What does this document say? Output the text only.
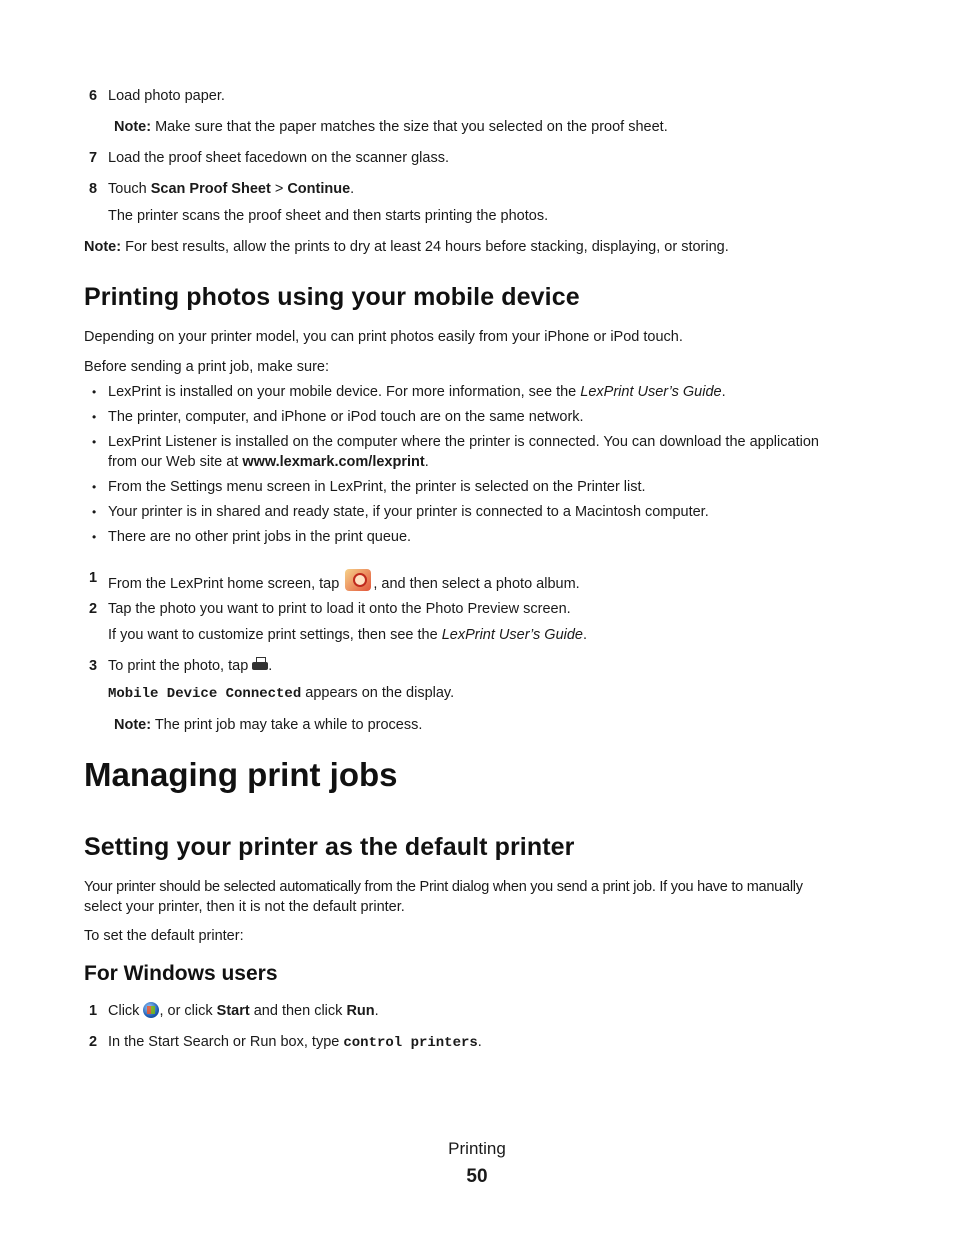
6 Load photo paper.
Note: Make sure that the paper matches the size that you selected on the proof sheet.
7 Load the proof sheet facedown on the scanner glass.
8 Touch Scan Proof Sheet > Continue.
The printer scans the proof sheet and then starts printing the photos.
Note: For best results, allow the prints to dry at least 24 hours before stacking, displaying, or storing.
Printing photos using your mobile device
Depending on your printer model, you can print photos easily from your iPhone or iPod touch.
Before sending a print job, make sure:
• LexPrint is installed on your mobile device. For more information, see the LexPrint User’s Guide.
• The printer, computer, and iPhone or iPod touch are on the same network.
• LexPrint Listener is installed on the computer where the printer is connected. You can download the application
from our Web site at www.lexmark.com/lexprint.
• From the Settings menu screen in LexPrint, the printer is selected on the Printer list.
• Your printer is in shared and ready state, if your printer is connected to a Macintosh computer.
• There are no other print jobs in the print queue.
1 From the LexPrint home screen, tap , and then select a photo album.
2 Tap the photo you want to print to load it onto the Photo Preview screen.
If you want to customize print settings, then see the LexPrint User’s Guide.
3 To print the photo, tap
.
Mobile Device Connected appears on the display.
Note: The print job may take a while to process.
Managing print jobs
Setting your printer as the default printer
Your printer should be selected automatically from the Print dialog when you send a print job. If you have to manually
select your printer, then it is not the default printer.
To set the default printer:
For Windows users
1 Click , or click Start and then click Run.
2 In the Start Search or Run box, type control printers.
Printing
50
